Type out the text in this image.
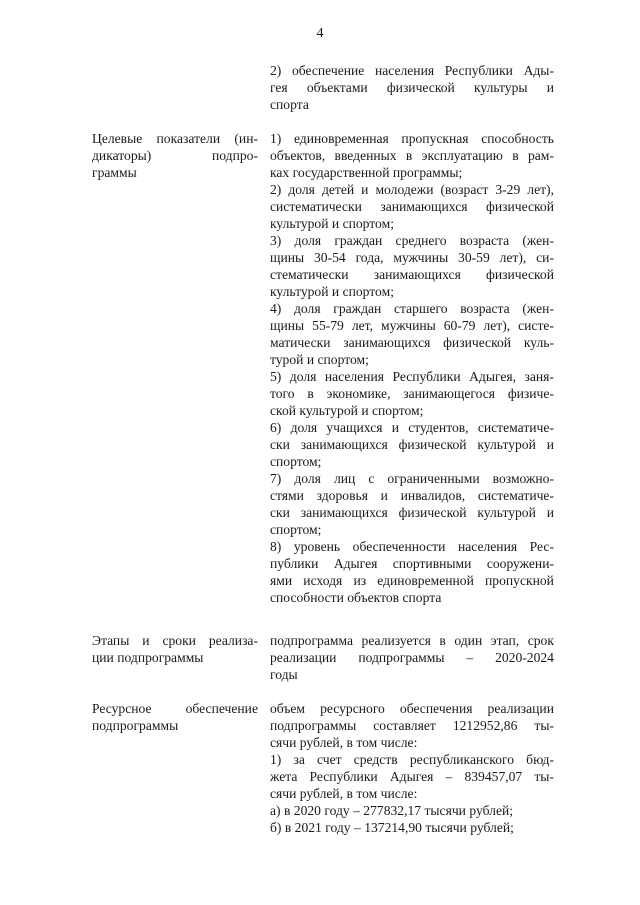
4
2) обеспечение населения Республики Ады-
гея объектами физической культуры и
спорта
Целевые показатели (ин-
дикаторы)	подпро-
граммы
1) единовременная пропускная способность
объектов, введенных в эксплуатацию в рам-
ках государственной программы;
2) доля детей и молодежи (возраст 3-29 лет),
систематически занимающихся физической
культурой и спортом;
3) доля граждан среднего возраста (жен-
щины 30-54 года, мужчины 30-59 лет), си-
стематически занимающихся физической
культурой и спортом;
4) доля граждан старшего возраста (жен-
щины 55-79 лет, мужчины 60-79 лет), систе-
матически занимающихся физической куль-
турой и спортом;
5) доля населения Республики Адыгея, заня-
того в экономике, занимающегося физиче-
ской культурой и спортом;
6) доля учащихся и студентов, систематиче-
ски занимающихся физической культурой и
спортом;
7) доля лиц с ограниченными возможно-
стями здоровья и инвалидов, систематиче-
ски занимающихся физической культурой и
спортом;
8) уровень обеспеченности населения Рес-
публики Адыгея спортивными сооружени-
ями исходя из единовременной пропускной
способности объектов спорта
Этапы и сроки реализа-
ции подпрограммы
подпрограмма реализуется в один этап, срок
реализации подпрограммы – 2020-2024
годы
Ресурсное	обеспечение
подпрограммы
объем ресурсного обеспечения реализации
подпрограммы составляет 1212952,86 ты-
сячи рублей, в том числе:
1) за счет средств республиканского бюд-
жета Республики Адыгея – 839457,07 ты-
сячи рублей, в том числе:
а) в 2020 году – 277832,17 тысячи рублей;
б) в 2021 году – 137214,90 тысячи рублей;
